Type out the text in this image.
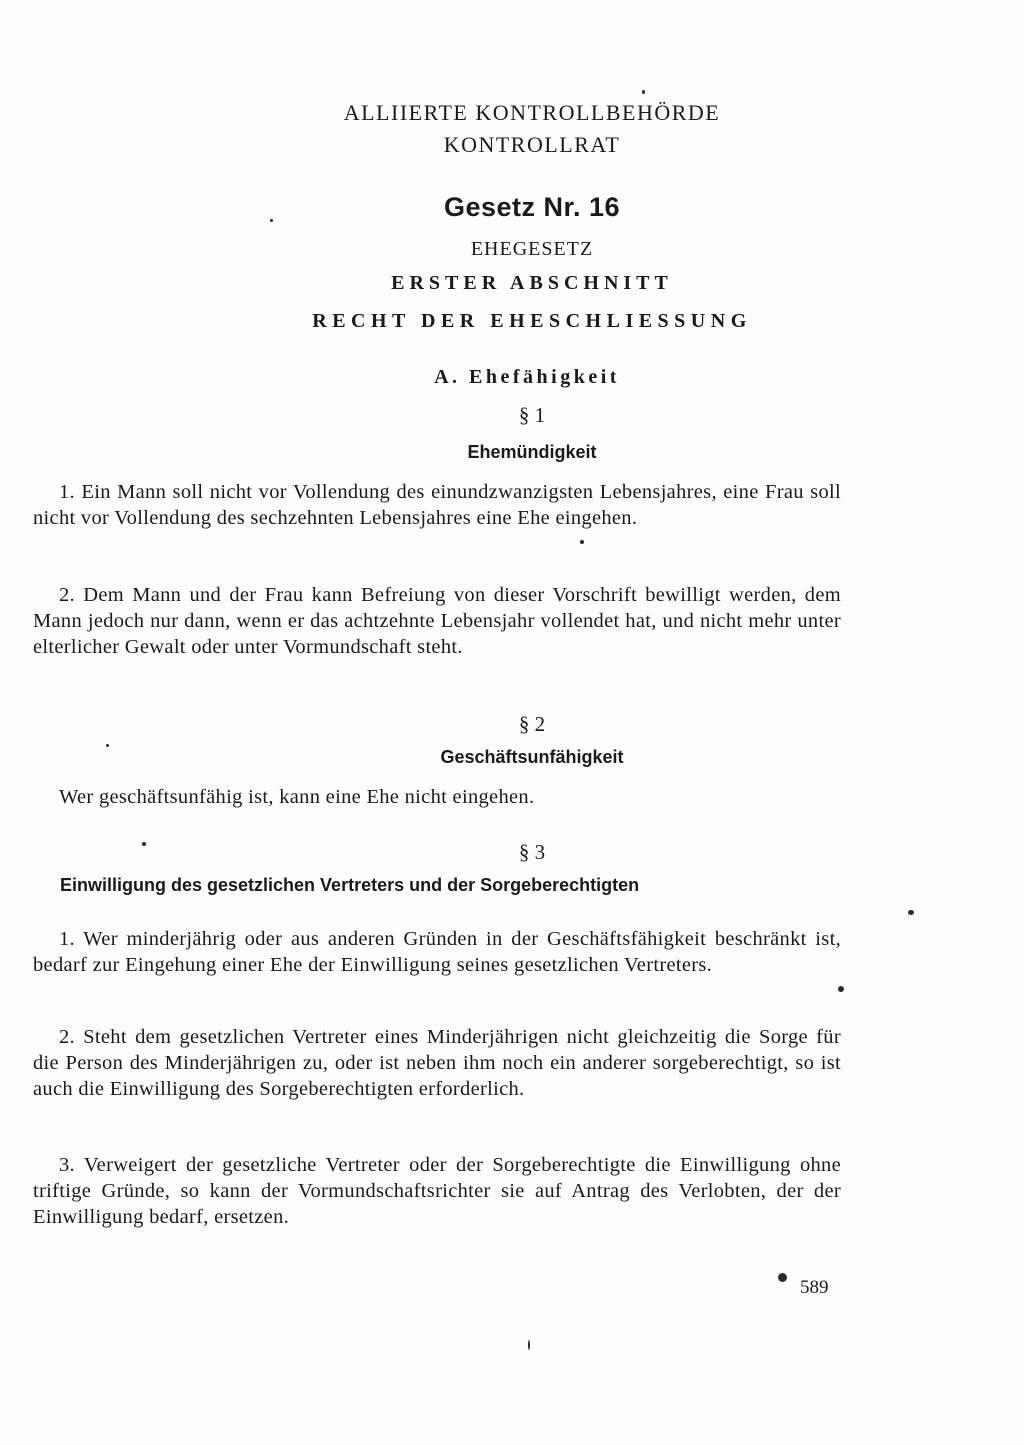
ALLIIERTE KONTROLLBEHÖRDE
KONTROLLRAT
Gesetz Nr. 16
EHEGESETZ
ERSTER ABSCHNITT
RECHT DER EHESCHLIESSUNG
A. Ehefähigkeit
§ 1
Ehemündigkeit
1. Ein Mann soll nicht vor Vollendung des einundzwanzigsten Lebensjahres, eine Frau soll nicht vor Vollendung des sechzehnten Lebensjahres eine Ehe eingehen.
2. Dem Mann und der Frau kann Befreiung von dieser Vorschrift bewilligt werden, dem Mann jedoch nur dann, wenn er das achtzehnte Lebensjahr vollendet hat, und nicht mehr unter elterlicher Gewalt oder unter Vormundschaft steht.
§ 2
Geschäftsunfähigkeit
Wer geschäftsunfähig ist, kann eine Ehe nicht eingehen.
§ 3
Einwilligung des gesetzlichen Vertreters und der Sorgeberechtigten
1. Wer minderjährig oder aus anderen Gründen in der Geschäftsfähigkeit beschränkt ist, bedarf zur Eingehung einer Ehe der Einwilligung seines gesetzlichen Vertreters.
2. Steht dem gesetzlichen Vertreter eines Minderjährigen nicht gleichzeitig die Sorge für die Person des Minderjährigen zu, oder ist neben ihm noch ein anderer sorgeberechtigt, so ist auch die Einwilligung des Sorgeberechtigten erforderlich.
3. Verweigert der gesetzliche Vertreter oder der Sorgeberechtigte die Einwilligung ohne triftige Gründe, so kann der Vormundschaftsrichter sie auf Antrag des Verlobten, der der Einwilligung bedarf, ersetzen.
589
